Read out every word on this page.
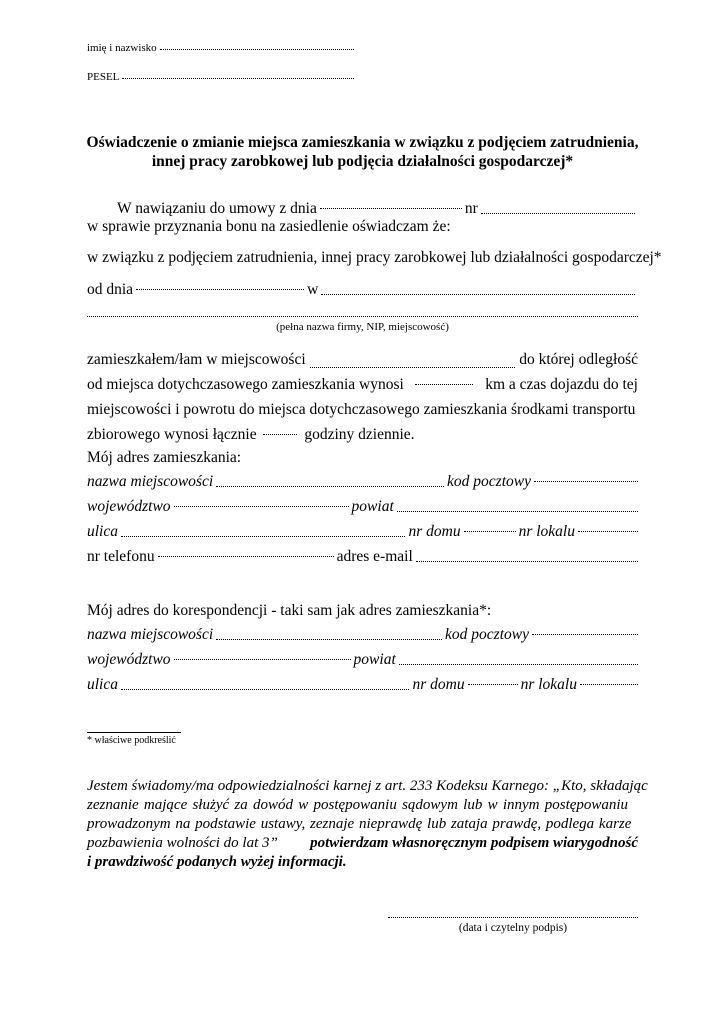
imię i nazwisko
PESEL
Oświadczenie o zmianie miejsca zamieszkania w związku z podjęciem zatrudnienia,
innej pracy zarobkowej lub podjęcia działalności gospodarczej*
W nawiązaniu do umowy z dnia	nr
w sprawie przyznania bonu na zasiedlenie oświadczam że:
w związku z podjęciem zatrudnienia, innej pracy zarobkowej lub działalności gospodarczej*
od dnia	w
(pełna nazwa firmy, NIP, miejscowość)
zamieszkałem/łam w miejscowości	do której odległość
od miejsca dotychczasowego zamieszkania wynosi	km a czas dojazdu do tej
miejscowości i powrotu do miejsca dotychczasowego zamieszkania środkami transportu
zbiorowego wynosi łącznie	godziny dziennie.
Mój adres zamieszkania:
nazwa miejscowości	kod pocztowy
województwo	powiat
ulica	nr domu	nr lokalu
nr telefonu	adres e-mail
Mój adres do korespondencji - taki sam jak adres zamieszkania*:
nazwa miejscowości	kod pocztowy
województwo	powiat
ulica	nr domu	nr lokalu
* właściwe podkreślić
Jestem świadomy/ma odpowiedzialności karnej z art. 233 Kodeksu Karnego: „Kto, składając
zeznanie mające służyć za dowód w postępowaniu sądowym lub w innym postępowaniu
prowadzonym na podstawie ustawy, zeznaje nieprawdę lub zataja prawdę, podlega karze
pozbawienia wolności do lat 3” potwierdzam własnoręcznym podpisem wiarygodność
i prawdziwość podanych wyżej informacji.
(data i czytelny podpis)
